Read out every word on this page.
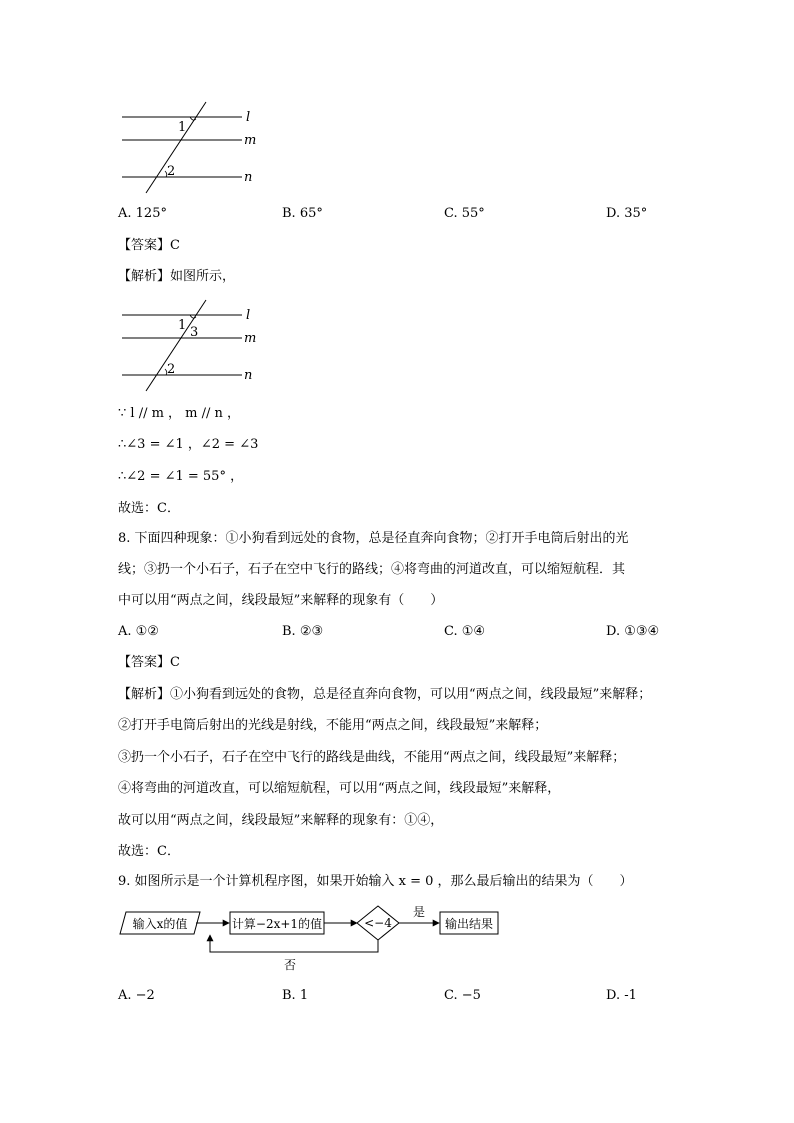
1
2
l
m
n
A. 125°	B. 65°	C. 55°	D. 35°
【答案】C
【解析】如图所示，
1 3
2
l
m
n
∵ l // m ， m // n ，
∴∠3 = ∠1 ，∠2 = ∠3
∴∠2 = ∠1 = 55° ，
故选：C．
8. 下面四种现象：①小狗看到远处的食物，总是径直奔向食物；②打开手电筒后射出的光
线；③扔一个小石子，石子在空中飞行的路线；④将弯曲的河道改直，可以缩短航程．其
中可以用“两点之间，线段最短”来解释的现象有（　　）
A. ①②	B. ②③	C. ①④	D. ①③④
【答案】C
【解析】①小狗看到远处的食物，总是径直奔向食物，可以用“两点之间，线段最短”来解释；
②打开手电筒后射出的光线是射线，不能用“两点之间，线段最短”来解释；
③扔一个小石子，石子在空中飞行的路线是曲线，不能用“两点之间，线段最短”来解释；
④将弯曲的河道改直，可以缩短航程，可以用“两点之间，线段最短”来解释，
故可以用“两点之间，线段最短”来解释的现象有：①④，
故选：C．
9. 如图所示是一个计算机程序图，如果开始输入 x = 0 ，那么最后输出的结果为（　　）
输入x的值	计算−2x+1的值	<−4
是
输出结果
否
A. −2	B. 1	C. −5	D. -1
